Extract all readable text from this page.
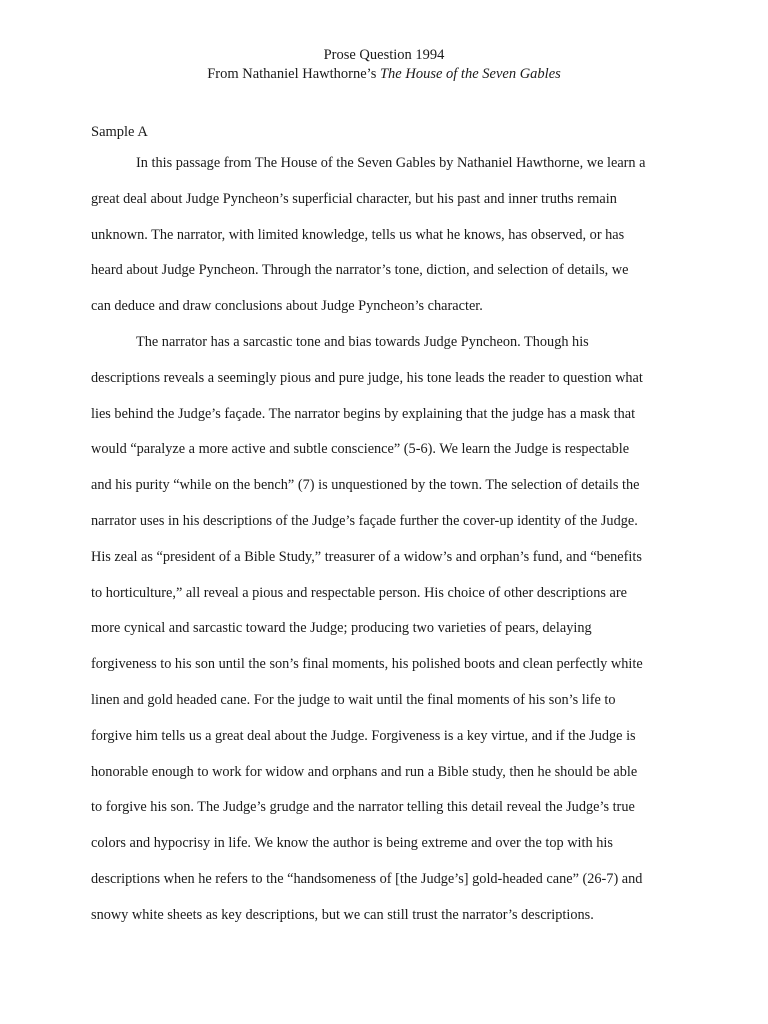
Prose Question 1994
From Nathaniel Hawthorne’s The House of the Seven Gables
Sample A
In this passage from The House of the Seven Gables by Nathaniel Hawthorne, we learn a
great deal about Judge Pyncheon’s superficial character, but his past and inner truths remain
unknown. The narrator, with limited knowledge, tells us what he knows, has observed, or has
heard about Judge Pyncheon. Through the narrator’s tone, diction, and selection of details, we
can deduce and draw conclusions about Judge Pyncheon’s character.
The narrator has a sarcastic tone and bias towards Judge Pyncheon. Though his
descriptions reveals a seemingly pious and pure judge, his tone leads the reader to question what
lies behind the Judge’s façade. The narrator begins by explaining that the judge has a mask that
would “paralyze a more active and subtle conscience” (5-6). We learn the Judge is respectable
and his purity “while on the bench” (7) is unquestioned by the town. The selection of details the
narrator uses in his descriptions of the Judge’s façade further the cover-up identity of the Judge.
His zeal as “president of a Bible Study,” treasurer of a widow’s and orphan’s fund, and “benefits
to horticulture,” all reveal a pious and respectable person. His choice of other descriptions are
more cynical and sarcastic toward the Judge; producing two varieties of pears, delaying
forgiveness to his son until the son’s final moments, his polished boots and clean perfectly white
linen and gold headed cane. For the judge to wait until the final moments of his son’s life to
forgive him tells us a great deal about the Judge. Forgiveness is a key virtue, and if the Judge is
honorable enough to work for widow and orphans and run a Bible study, then he should be able
to forgive his son. The Judge’s grudge and the narrator telling this detail reveal the Judge’s true
colors and hypocrisy in life. We know the author is being extreme and over the top with his
descriptions when he refers to the “handsomeness of [the Judge’s] gold-headed cane” (26-7) and
snowy white sheets as key descriptions, but we can still trust the narrator’s descriptions.
